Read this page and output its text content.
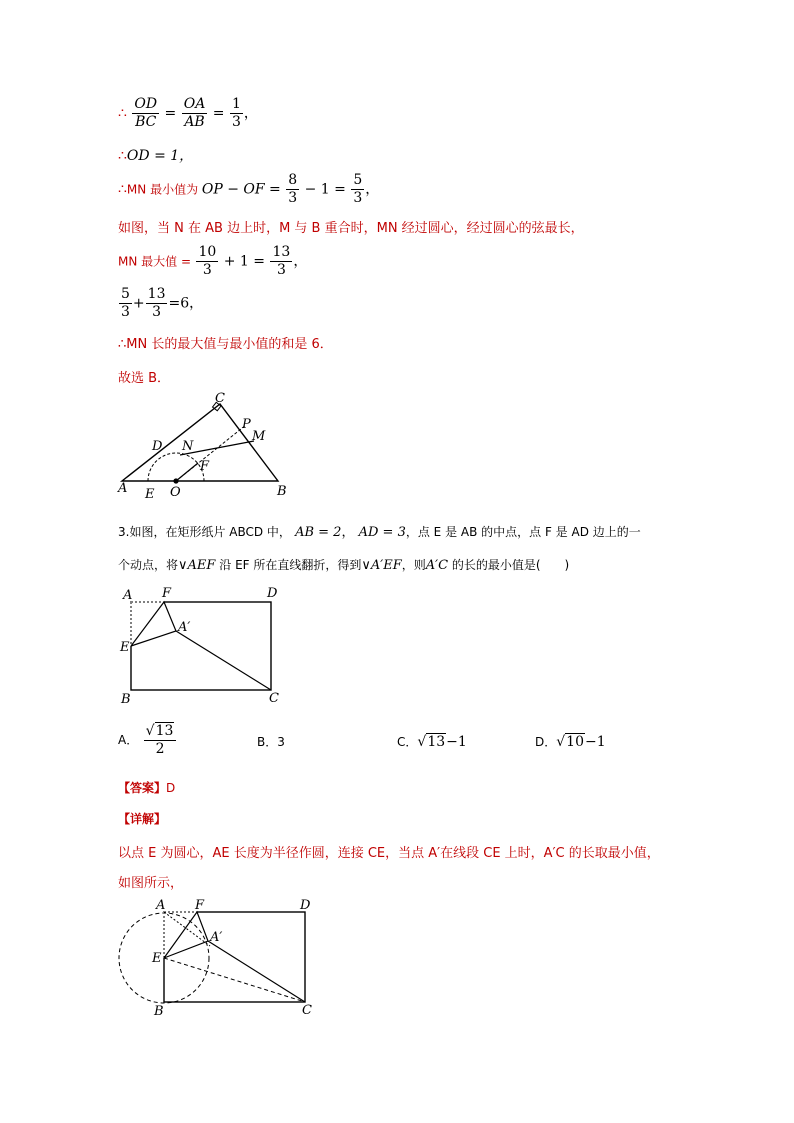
∴ $\frac{OD}{BC} = \frac{OA}{AB} = \frac{1}{3}$ ，
∴OD = 1，
∴MN 最小值为 OP − OF = $\frac{8}{3} - 1 = \frac{5}{3}$ ，
如图，当 N 在 AB 边上时，M 与 B 重合时，MN 经过圆心，经过圆心的弦最长，
MN 最大值 = $\frac{10}{3} + 1 = \frac{13}{3}$ ，
$\frac{5}{3} + \frac{13}{3} =6$，
∴MN 长的最大值与最小值的和是 6．
故选 B．
C
P
M
D N
F
A E O	B
3.如图，在矩形纸片 ABCD 中， AB = 2， AD = 3，点 E 是 AB 的中点，点 F 是 AD 边上的一
个动点，将∨AEF 沿 EF 所在直线翻折，得到∨A′EF，则A′C 的长的最小值是(　　)
A F	D
A′
E
B	C
A． $\frac{√13}{2}$	B．3	C．√13−1	D．√10−1
【答案】D
【详解】
以点 E 为圆心，AE 长度为半径作圆，连接 CE，当点 A′在线段 CE 上时，A′C 的长取最小值，
如图所示，
A F	D
A′
E
B	C
